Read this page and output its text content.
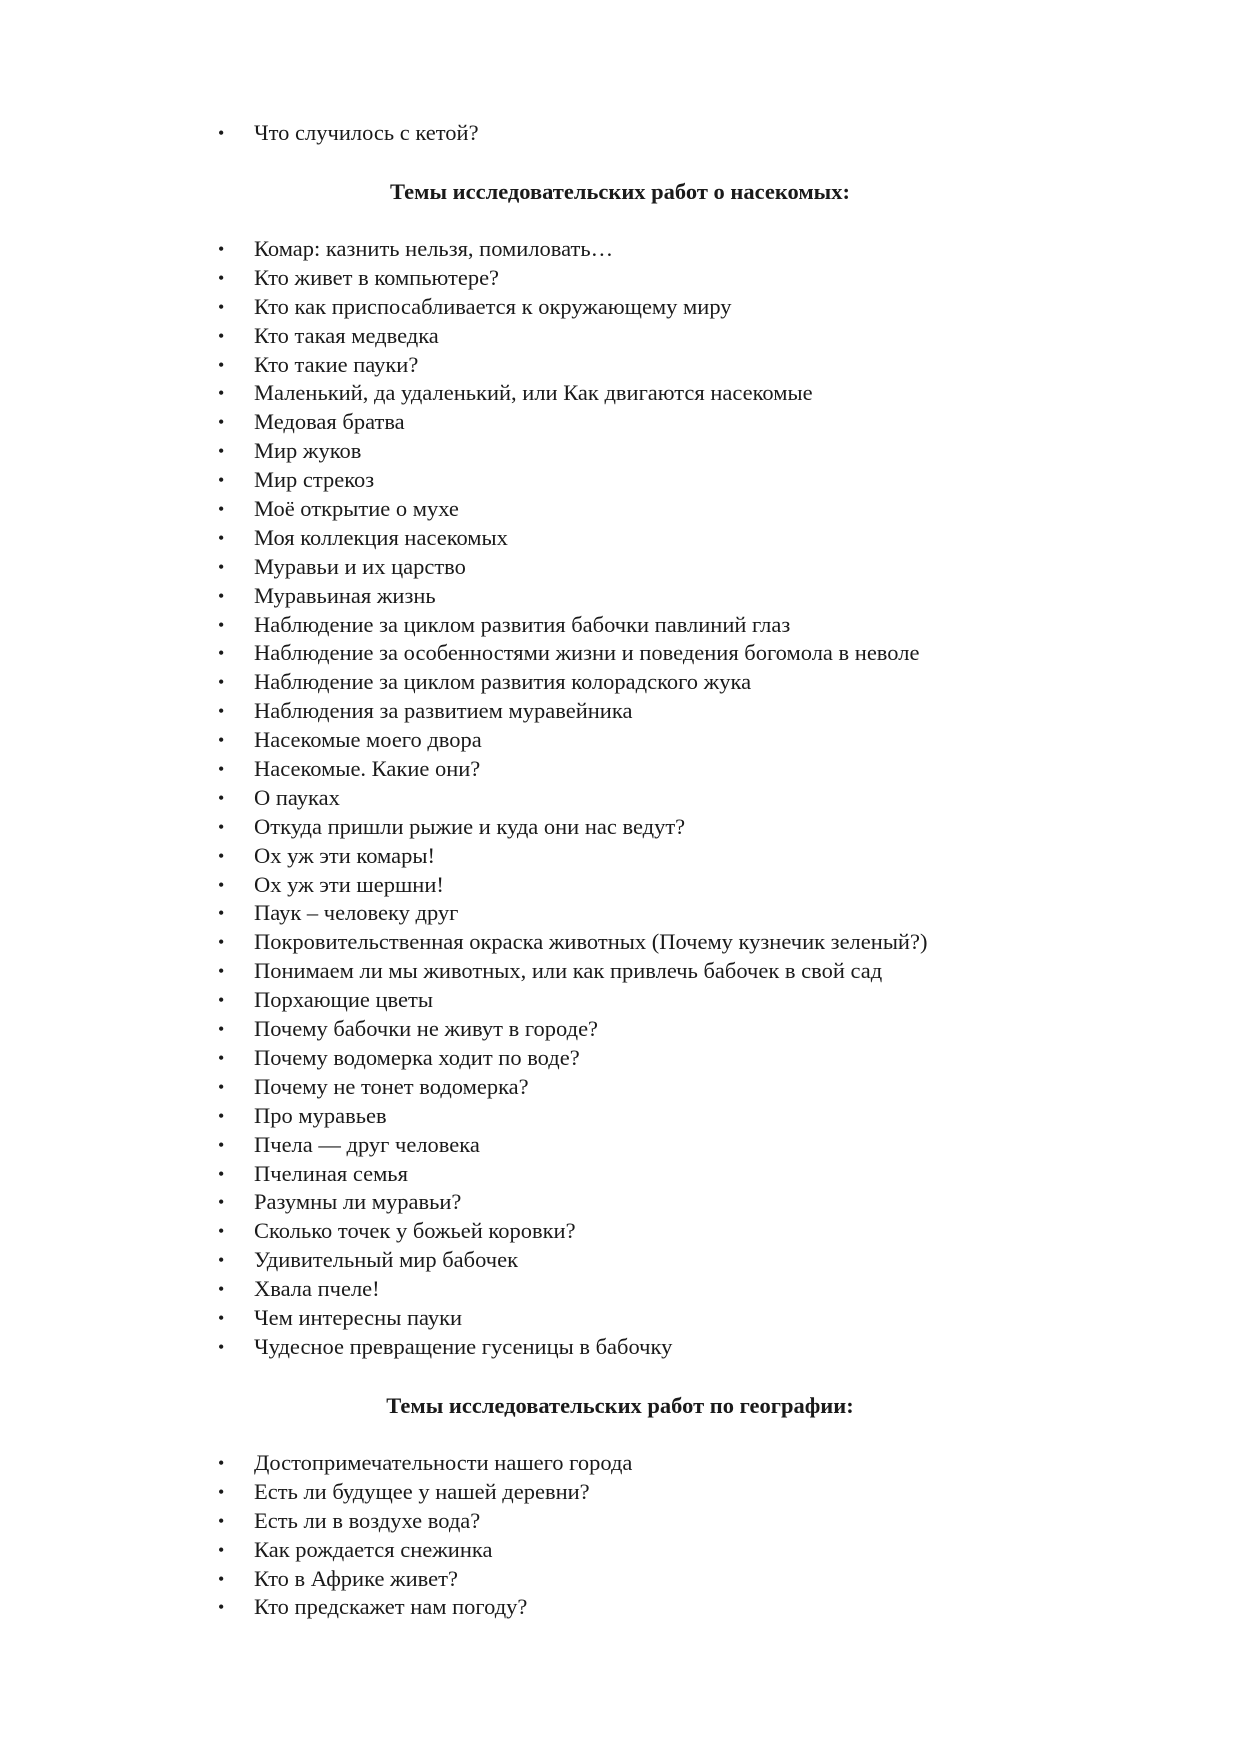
• Что случилось с кетой?
Темы исследовательских работ о насекомых:
• Комар: казнить нельзя, помиловать…
• Кто живет в компьютере?
• Кто как приспосабливается к окружающему миру
• Кто такая медведка
• Кто такие пауки?
• Маленький, да удаленький, или Как двигаются насекомые
• Медовая братва
• Мир жуков
• Мир стрекоз
• Моё открытие о мухе
• Моя коллекция насекомых
• Муравьи и их царство
• Муравьиная жизнь
• Наблюдение за циклом развития бабочки павлиний глаз
• Наблюдение за особенностями жизни и поведения богомола в неволе
• Наблюдение за циклом развития колорадского жука
• Наблюдения за развитием муравейника
• Насекомые моего двора
• Насекомые. Какие они?
• О пауках
• Откуда пришли рыжие и куда они нас ведут?
• Ох уж эти комары!
• Ох уж эти шершни!
• Паук – человеку друг
• Покровительственная окраска животных (Почему кузнечик зеленый?)
• Понимаем ли мы животных, или как привлечь бабочек в свой сад
• Порхающие цветы
• Почему бабочки не живут в городе?
• Почему водомерка ходит по воде?
• Почему не тонет водомерка?
• Про муравьев
• Пчела — друг человека
• Пчелиная семья
• Разумны ли муравьи?
• Сколько точек у божьей коровки?
• Удивительный мир бабочек
• Хвала пчеле!
• Чем интересны пауки
• Чудесное превращение гусеницы в бабочку
Темы исследовательских работ по географии:
• Достопримечательности нашего города
• Есть ли будущее у нашей деревни?
• Есть ли в воздухе вода?
• Как рождается снежинка
• Кто в Африке живет?
• Кто предскажет нам погоду?
